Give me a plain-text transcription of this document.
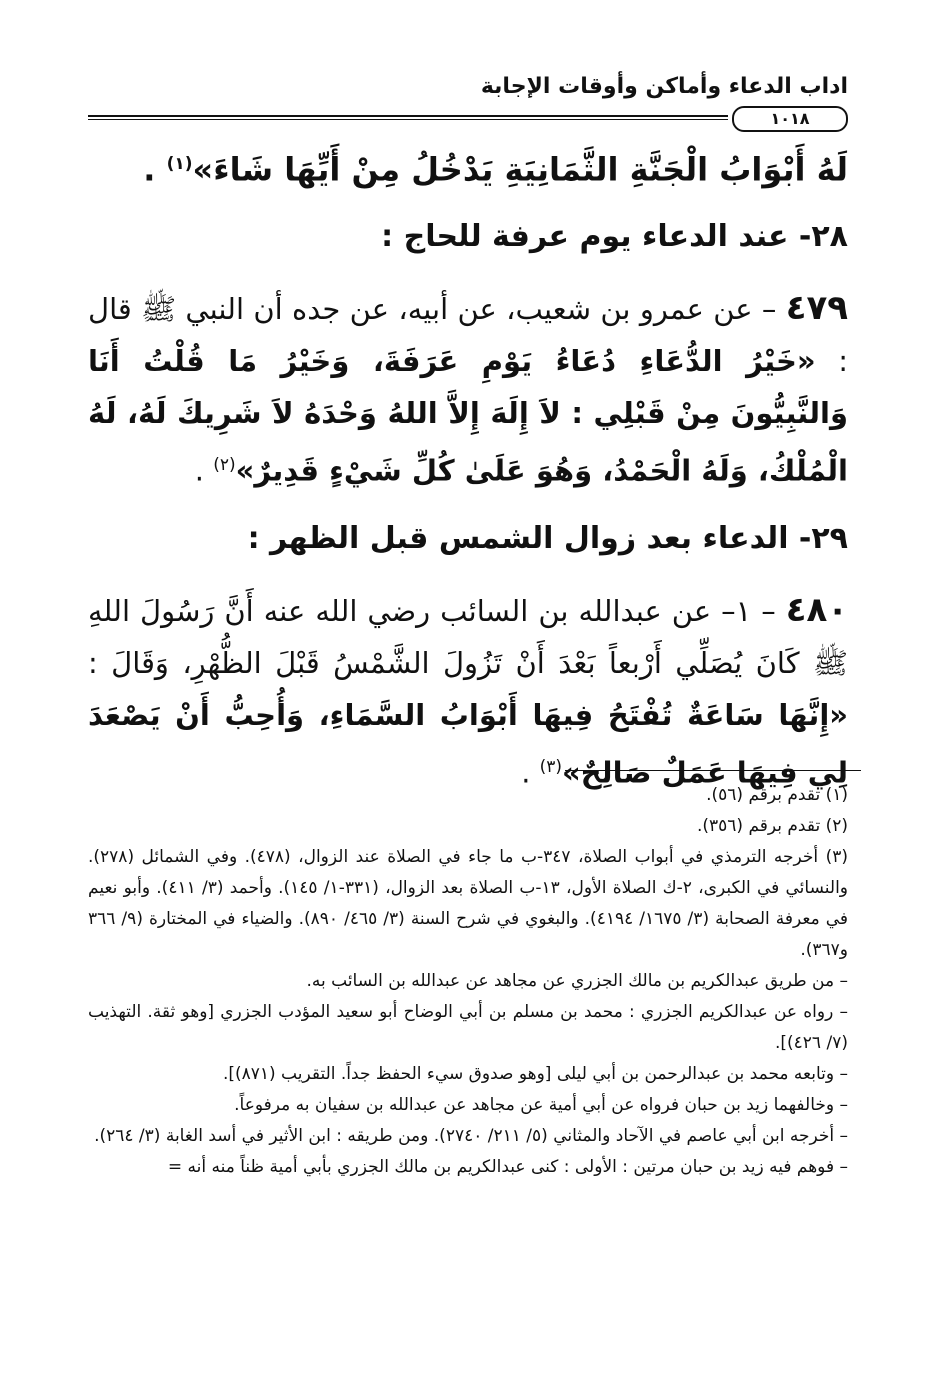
اداب الدعاء وأماكن وأوقات الإجابة
١٠١٨

لَهُ أَبْوَابُ الْجَنَّةِ الثَّمَانِيَةِ يَدْخُلُ مِنْ أَيِّهَا شَاءَ»$^{(١)}$ .

٢٨- عند الدعاء يوم عرفة للحاج :

٤٧٩ – عن عمرو بن شعيب، عن أبيه، عن جده أن النبي ﷺ قال : «خَيْرُ الدُّعَاءِ دُعَاءُ يَوْمِ عَرَفَةَ، وَخَيْرُ مَا قُلْتُ أَنَا وَالنَّبِيُّونَ مِنْ قَبْلِي : لاَ إِلَهَ إِلاَّ اللهُ وَحْدَهُ لاَ شَرِيكَ لَهُ، لَهُ الْمُلْكُ، وَلَهُ الْحَمْدُ، وَهُوَ عَلَىٰ كُلِّ شَيْءٍ قَدِيرٌ»$^{(٢)}$ .

٢٩- الدعاء بعد زوال الشمس قبل الظهر :

٤٨٠ – ١– عن عبدالله بن السائب رضي الله عنه أَنَّ رَسُولَ اللهِ ﷺ كَانَ يُصَلِّي أَرْبعاً بَعْدَ أَنْ تَزُولَ الشَّمْسُ قَبْلَ الظُّهْرِ، وَقَالَ : «إِنَّهَا سَاعَةٌ تُفْتَحُ فِيهَا أَبْوَابُ السَّمَاءِ، وَأُحِبُّ أَنْ يَصْعَدَ لِي فِيهَا عَمَلٌ صَالِحٌ»$^{(٣)}$ .

(١) تقدم برقم (٥٦).

(٢) تقدم برقم (٣٥٦).

(٣) أخرجه الترمذي في أبواب الصلاة، ٣٤٧-ب ما جاء في الصلاة عند الزوال، (٤٧٨). وفي الشمائل (٢٧٨). والنسائي في الكبرى، ٢-ك الصلاة الأول، ١٣-ب الصلاة بعد الزوال، (٣٣١-١/ ١٤٥). وأحمد (٣/ ٤١١). وأبو نعيم في معرفة الصحابة (٣/ ١٦٧٥/ ٤١٩٤). والبغوي في شرح السنة (٣/ ٤٦٥/ ٨٩٠). والضياء في المختارة (٩/ ٣٦٦ و٣٦٧).

– من طريق عبدالكريم بن مالك الجزري عن مجاهد عن عبدالله بن السائب به.

– رواه عن عبدالكريم الجزري : محمد بن مسلم بن أبي الوضاح أبو سعيد المؤدب الجزري [وهو ثقة. التهذيب (٧/ ٤٢٦)].

– وتابعه محمد بن عبدالرحمن بن أبي ليلى [وهو صدوق سيء الحفظ جداً. التقريب (٨٧١)].

– وخالفهما زيد بن حبان فرواه عن أبي أمية عن مجاهد عن عبدالله بن سفيان به مرفوعاً.

– أخرجه ابن أبي عاصم في الآحاد والمثاني (٥/ ٢١١/ ٢٧٤٠). ومن طريقه : ابن الأثير في أسد الغابة (٣/ ٢٦٤).

– فوهم فيه زيد بن حبان مرتين : الأولى : كنى عبدالكريم بن مالك الجزري بأبي أمية ظناً منه أنه =
